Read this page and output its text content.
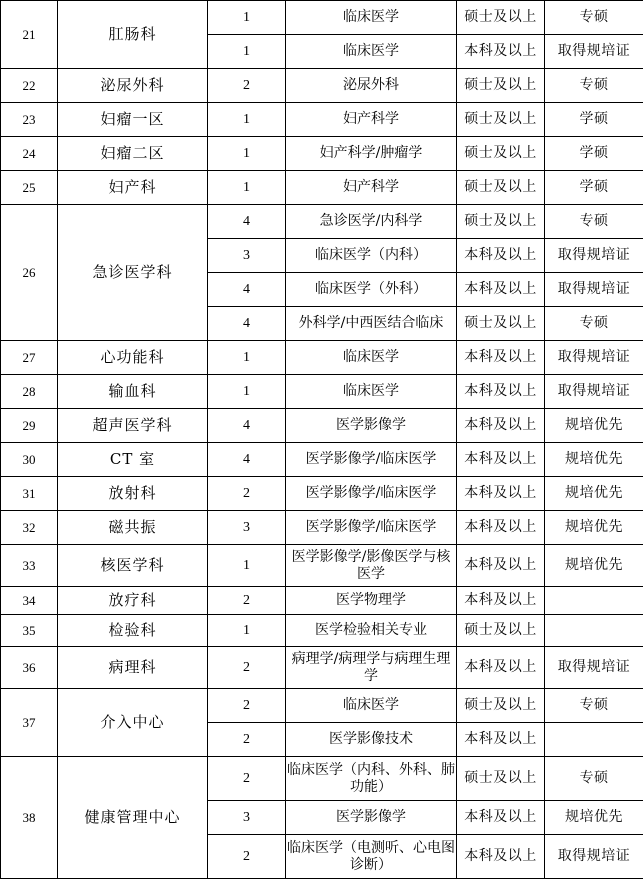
21	肛肠科	1	临床医学	硕士及以上	专硕
		1	临床医学	本科及以上	取得规培证
22	泌尿外科	2	泌尿外科	硕士及以上	专硕
23	妇瘤一区	1	妇产科学	硕士及以上	学硕
24	妇瘤二区	1	妇产科学/肿瘤学	硕士及以上	学硕
25	妇产科	1	妇产科学	硕士及以上	学硕
26	急诊医学科	4	急诊医学/内科学	硕士及以上	专硕
		3	临床医学（内科）	本科及以上	取得规培证
		4	临床医学（外科）	本科及以上	取得规培证
		4	外科学/中西医结合临床	硕士及以上	专硕
27	心功能科	1	临床医学	本科及以上	取得规培证
28	输血科	1	临床医学	本科及以上	取得规培证
29	超声医学科	4	医学影像学	本科及以上	规培优先
30	CT 室	4	医学影像学/临床医学	本科及以上	规培优先
31	放射科	2	医学影像学/临床医学	本科及以上	规培优先
32	磁共振	3	医学影像学/临床医学	本科及以上	规培优先
33	核医学科	1	医学影像学/影像医学与核医学	本科及以上	规培优先
34	放疗科	2	医学物理学	本科及以上	
35	检验科	1	医学检验相关专业	硕士及以上	
36	病理科	2	病理学/病理学与病理生理学	本科及以上	取得规培证
37	介入中心	2	临床医学	硕士及以上	专硕
		2	医学影像技术	本科及以上	
38	健康管理中心	2	临床医学（内科、外科、肺功能）	硕士及以上	专硕
		3	医学影像学	本科及以上	规培优先
		2	临床医学（电测听、心电图诊断）	本科及以上	取得规培证
